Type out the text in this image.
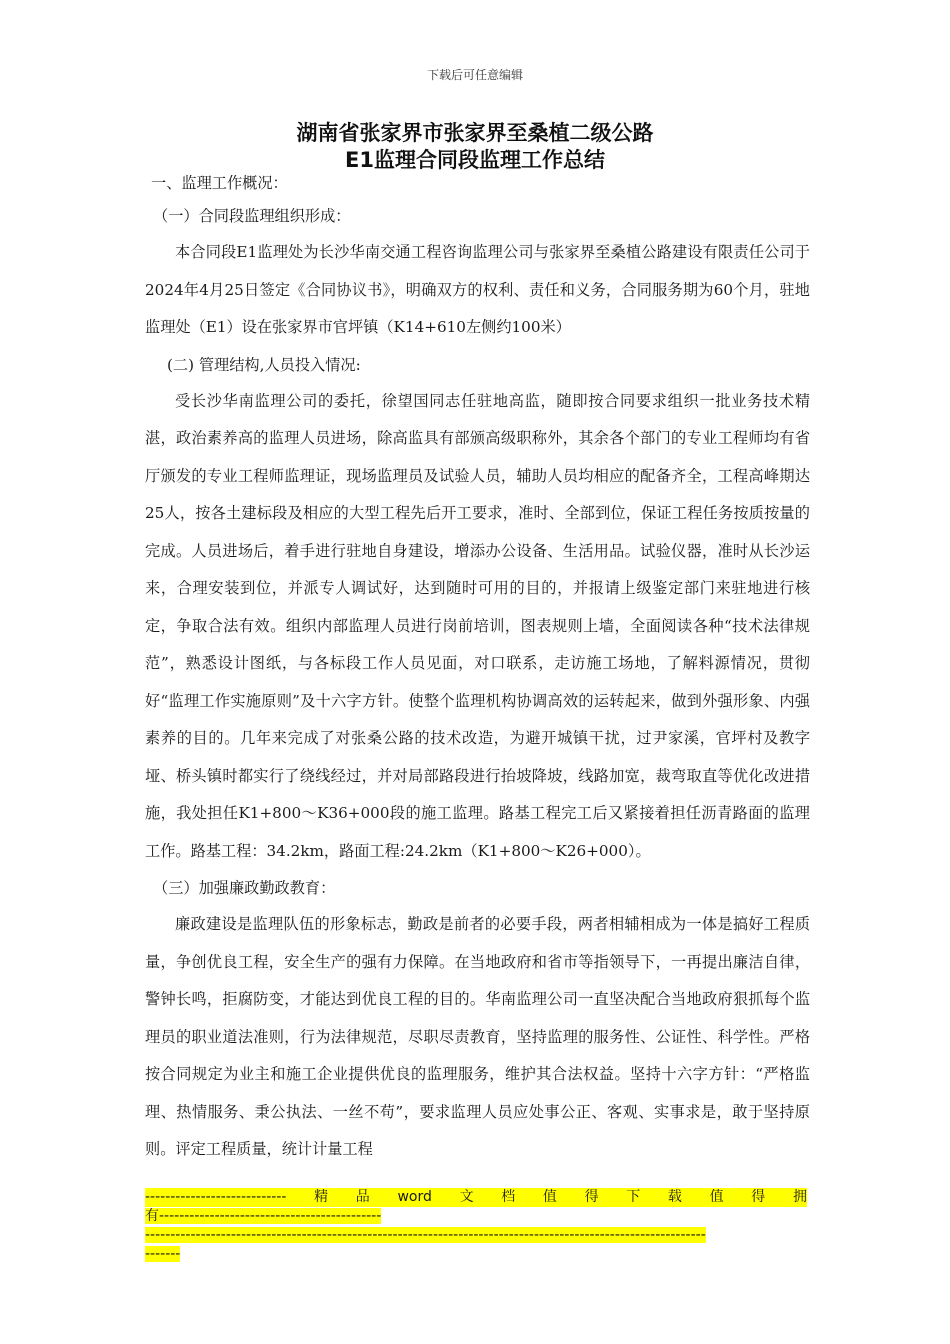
下载后可任意编辑
湖南省张家界市张家界至桑植二级公路
E1监理合同段监理工作总结

一、监理工作概况：

（一）合同段监理组织形成：

本合同段E1监理处为长沙华南交通工程咨询监理公司与张家界至桑植公路建设有限责任公司于2024年4月25日签定《合同协议书》，明确双方的权利、责任和义务，合同服务期为60个月，驻地监理处（E1）设在张家界市官坪镇（K14+610左侧约100米）

(二) 管理结构,人员投入情况:

受长沙华南监理公司的委托，徐望国同志任驻地高监，随即按合同要求组织一批业务技术精湛，政治素养高的监理人员进场，除高监具有部颁高级职称外，其余各个部门的专业工程师均有省厅颁发的专业工程师监理证，现场监理员及试验人员，辅助人员均相应的配备齐全，工程高峰期达25人，按各土建标段及相应的大型工程先后开工要求，准时、全部到位，保证工程任务按质按量的完成。人员进场后，着手进行驻地自身建设，增添办公设备、生活用品。试验仪器，准时从长沙运来，合理安装到位，并派专人调试好，达到随时可用的目的，并报请上级鉴定部门来驻地进行核定，争取合法有效。组织内部监理人员进行岗前培训，图表规则上墙，全面阅读各种“技术法律规范”，熟悉设计图纸，与各标段工作人员见面，对口联系，走访施工场地，了解料源情况，贯彻好“监理工作实施原则”及十六字方针。使整个监理机构协调高效的运转起来，做到外强形象、内强素养的目的。几年来完成了对张桑公路的技术改造，为避开城镇干扰，过尹家溪，官坪村及教字垭、桥头镇时都实行了绕线经过，并对局部路段进行抬坡降坡，线路加宽，裁弯取直等优化改进措施，我处担任K1+800～K36+000段的施工监理。路基工程完工后又紧接着担任沥青路面的监理工作。路基工程：34.2km，路面工程:24.2km（K1+800～K26+000）。

（三）加强廉政勤政教育：

廉政建设是监理队伍的形象标志，勤政是前者的必要手段，两者相辅相成为一体是搞好工程质量，争创优良工程，安全生产的强有力保障。在当地政府和省市等指领导下，一再提出廉洁自律，警钟长鸣，拒腐防变，才能达到优良工程的目的。华南监理公司一直坚决配合当地政府狠抓每个监理员的职业道法准则，行为法律规范，尽职尽责教育，坚持监理的服务性、公证性、科学性。严格按合同规定为业主和施工企业提供优良的监理服务，维护其合法权益。坚持十六字方针：“严格监理、热情服务、秉公执法、一丝不苟”，要求监理人员应处事公正、客观、实事求是，敢于坚持原则。评定工程质量，统计计量工程

---------------------------- 精 品 word 文 档 值 得 下 载 值 得 拥
有--------------------------------------------
---------------------------------------------------------------------------------------------------------------
-------
